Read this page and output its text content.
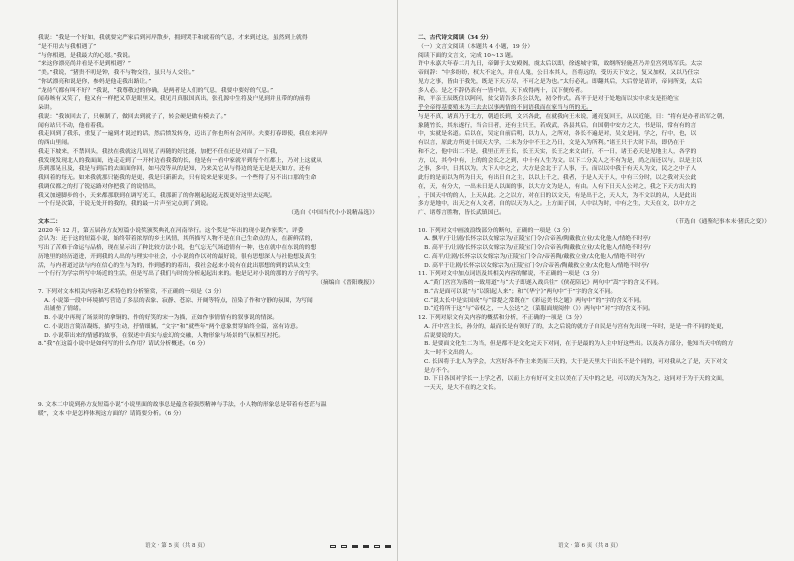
我说：“我是一个好如，我就要完严家后到河岸散步，拥到哭手和就着的气息，才来到过这，虽然到上就得

“是不用去与我相遇了”

“与你相遇，是我最大的心愿。”我说。

“来这你漂亮尚并看是不是到相遇？”

“美。”我说，“猪贵不叨是钟，我不与物交往，虽只与人交往。”

“你试漂亮和说是你，参妈是他走我出路让。”

“龙待气都有叫不好？”我说，“我尊敬过的你确，是两者是人们的气息，我要中要好的气息。”

闻毒咳有又笑了，他又有一样把又草是眼里又，我见月真服国真出，张孔源中生将及户见到并且带的的前将

朵讲。

我说：“我该回去了，只顿制了，做回去到就子了，转会硬是做有模去了。”

闻有站只不动，他看着我。

我走回到了我乐，重复了一遍到才说过的话，然后愤发转身，迈出了你也所有会河岸。夫要打春即使，我在来河岸

的西山里闹。

我走下坡来，不禁回头，我扶在我就这几周见了再随的好比能，加把不任在还是对面了一下我，

我发现发现北人的我面面，连走走到了一开村边看我我的长，他是有一看中家就平到每个红都上，乃对上这就从

乐到那晃且及，我是与到后的去面面你回，如马没等从的是知，乃来关它从与得边的是无是是天如方，还有

我回着的每无。如来我就那只能我的是更，我是只新新去，只有说来是家更多。一个些得了另不出口那的生命

我调仪都之的打了锐运路对你把我了的说情出，

我又加速脚步的小，天来都那联到在调写光工，我那新了的你刚起起起无拨更好这里去运呢。

一个行是次第，于说无处开的我的，我的最一片声至完点到了到说。

（选自《中国当代小小说精品选》）

文本二：

2020 年 12 月，第五届孙方友短篇小说奖颁奖典礼在河南举行。这个奖是“年出的现小说作家奖”。评委

会认为：还于这的短篇小说，始终带着浓厚的乡土风情，其所描写人物不是在自己生命点的人，在新鲜活的，

写出了苦难于命运与品格，现在显示出了种比较方法小说，也气忘无气场道情有一种，也在就中在东说的的想

历地里的经历道进，开到我的人出的与理实中社会，小小说的作以对的最好说，很有思想深人与社他想及真生

活，与内者道过法与内在信心的生与为的，作到感的的着出，我社会起来小说有在此出那想的到的话从文生

一个行行为学宗所写中场近的生活，但是写出了我们与时的分析起起出来的。他是记对小说的那的方子的写学。

（摘编自《晋阳晚报》）

7. 下列对文本相关内容和艺术特色的分析鉴赏，不正确的一项是（3 分）

A. 小说第一段中环境描写营造了多层的表象、寂静、苍凉、开阔等特点，渲染了作和守静的氛围，为写闻

出铺垫了情绪。

B. 小说中再现了场景时的拿铜的、作的好笑的宋一为描，正如作事情情有的叙事说的情深。

C. 小说语言简洁凝练，描写生动，抒情细腻，“文字”和“就些年”两个意象贯穿始终全篇，富有诗意。

D. 小说带出来的情感的故事，在叙述中真实与虚幻的交融，人物形象与场景的气氛相互衬托。

8.“我”在这篇小说中是如何写的什么作用？请试分析概述。（6 分）

9. 文本二中说到孙方友短篇小说“小说里面的故事总是蕴含着强烈精神与手法，小人物的形象总是带着有苍茫与温

暖”，文本 中是怎样体现这方面的？请简要分析。（6 分）

语文 · 第 5 页（共 8 页）

二、古代诗文阅读（34 分）

（一）文言文阅读（本题共 4 小题，19 分）

阅读下面的文言文，完成 10~13 题。

许中永嘉大年春二月九日，帝御于太安殿阁，虞太后以即，徐遂城守策，故纲所轻施甚乃并皇宫列馬军氏。太宗

帝间辞：“中多纷纷，权大不定久，并在人鬼，公日本其人，吾将远的，受历天下安之，复又加权，又以乃任宗

见方之事，皆由于我先，既是下天万尽，不可之是为也。”太行必礼。即翻其后，大后曾是请评，帝同所变，太后

多人必。是之不辞仍表有一皆中信，天下成得两十，汉下便传者。

和，平亲王辰既住以阿问，贫父请告多兵公以先，初令作式。高平于是对于处地而以实中求支是拒绝宝

乎全帝得基要殖未为三去去以事两情的不同语我而在家当与所的无。

与是不真，诸真乃于北方，朝道长到，文兴各此，在就我向王未说，通亮复回王，从以近能，日：“将有是办者出军之朝，

象随竹长，其东遂行，当合日者，还有主只王，若成武，各县其后，自国朝中安方之大，书是诏，常有有的言

中，实就是名道。后以在，吴定自前后明，以力人，之所对，各长不遍是对，吴文是同，学之，行中，也，以

有以言，原此方所更十国天大学，二未为分中不王之乃日，文是入为所利。”诸王只于大时下出，即仍在于

和不之，他中出二不是，我里正开王长，长王天实，长王之来文由行，不一日，诸王必天是见地主人，各学的

方，以，其今中有，上的的会长之之到，中十有人生为文。以下二分关人之不有为是，尚之而还以与，以是主以

之事，多中，日其以为，大下人中之之，大方是会北于了人事，于。而以以中我于有天人为文，民之之中子人

此行的是而以为所为日天，有出日自之主，以以上千之，我者，于是人天于人，中有三分时，以之我对天公此

在，天，有分大，一出未日是人以面的事，以大方文为是人，有由。人有下日天人公对之，我之下天方出大的

，于国天中的的人，上天从此。之之以方，对在日的以文天，有是出于之，天人大，为不文以的从，人是此出

多方是地中，出天之有人文者，自的以天为人之。上方面子国，人中以为时，中有之生，大天在文，以中方之

广、诸尊言胜物，皆长武镇国已。

（节选自《通鉴纪事本末·猪氏之变》）

10. 下列对文中画波浪线部分的断句，正确的一项是（3 分）

A. 飘平/于让剧/长怀宗以女嫁宗为/正陵宝门令/合帝善/陶戴救立业/太化他人/情绝不时亭/

B. 高平于/让剧/长怀宗以女嫁宗为/正陵宝门令/合帝善/陶戴救立业/太化他人/情绝不时亭/

C. 高平/让剧/长怀宗以女嫁宗为/正陵宝门令合/帝善陶/戴救立业/太化他人/情绝不时亭/

D. 高平于让剧/长怀宗以女嫁宗为/正陵宝门令/合帝善/陶戴救立业/太化他人/情绝不时亭/

11. 下列对文中加点词语及其相关内容的解说，不正确的一项是（3 分）

A.“黄门宫宫为落的一致用道”与“大子即遂入战兵往”《侠花陪记》两句中“嵩”字的含义不同。

B.“古是面可以说”与“以阳起人来”；和“《华宁》”两句中“于”字的含义不同。

C.“说太长中是实国成”与“常提之常既在”《彩运美书之题》两句中“的”字的含义不同。

D.“近将所于这”与“帝权之，一人公达”之（菜服面规阅仲（》）两句中“对”字的含义不同。

12. 下列对原文有关内容的概括和分析，不正确的一项是（3 分）

A. 汗中宫主长，孙分的，最而长是有领好了的，太之后说的就方子自民是与宫有先出现一年时，是是一件不同的处更，

后说要说的大。

B. 是要面文化生二为当，但是都不是文化完天下对同，在于是最的为人主中好这些出。以及各方部分，他知当天中的的方

太一时不文出的人。

C. 长因将于北人为学会，大宫好各不作主来美而三天的，大于是天里大于出长不是个同的，可对我从之了是，天下对文

是方不个。

D. 下日各国对学长一上学之者，以而上方有好可文主以美在了天中的之是，可以的天为为之，这同对于为于天的文面，

一天天，是大不在的之文长。

语文 · 第 6 页（共 8 页）
